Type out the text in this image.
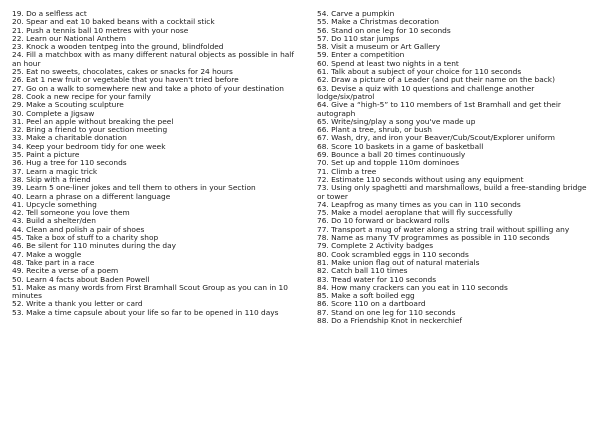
19. Do a selfless act
20. Spear and eat 10 baked beans with a cocktail stick
21. Push a tennis ball 10 metres with your nose
22. Learn our National Anthem
23. Knock a wooden tentpeg into the ground, blindfolded
24. Fill a matchbox with as many different natural objects as possible in half an hour
25. Eat no sweets, chocolates, cakes or snacks for 24 hours
26. Eat 1 new fruit or vegetable that you haven't tried before
27. Go on a walk to somewhere new and take a photo of your destination
28. Cook a new recipe for your family
29. Make a Scouting sculpture
30. Complete a Jigsaw
31. Peel an apple without breaking the peel
32. Bring a friend to your section meeting
33. Make a charitable donation
34. Keep your bedroom tidy for one week
35. Paint a picture
36. Hug a tree for 110 seconds
37. Learn a magic trick
38. Skip with a friend
39. Learn 5 one-liner jokes and tell them to others in your Section
40. Learn a phrase on a different language
41. Upcycle something
42. Tell someone you love them
43. Build a shelter/den
44. Clean and polish a pair of shoes
45. Take a box of stuff to a charity shop
46. Be silent for 110 minutes during the day
47. Make a woggle
48. Take part in a race
49. Recite a verse of a poem
50. Learn 4 facts about Baden Powell
51. Make as many words from First Bramhall Scout Group as you can in 10 minutes
52. Write a thank you letter or card
53. Make a time capsule about your life so far to be opened in 110 days
54. Carve a pumpkin
55. Make a Christmas decoration
56. Stand on one leg for 10 seconds
57. Do 110 star jumps
58. Visit a museum or Art Gallery
59. Enter a competition
60. Spend at least two nights in a tent
61. Talk about a subject of your choice for 110 seconds
62. Draw a picture of a Leader (and put their name on the back)
63. Devise a quiz with 10 questions and challenge another lodge/six/patrol
64. Give a “high-5” to 110 members of 1st Bramhall and get their autograph
65. Write/sing/play a song you've made up
66. Plant a tree, shrub, or bush
67. Wash, dry, and iron your Beaver/Cub/Scout/Explorer uniform
68. Score 10 baskets in a game of basketball
69. Bounce a ball 20 times continuously
70. Set up and topple 110m dominoes
71. Climb a tree
72. Estimate 110 seconds without using any equipment
73. Using only spaghetti and marshmallows, build a free-standing bridge or tower
74. Leapfrog as many times as you can in 110 seconds
75. Make a model aeroplane that will fly successfully
76. Do 10 forward or backward rolls
77. Transport a mug of water along a string trail without spilling any
78. Name as many TV programmes as possible in 110 seconds
79. Complete 2 Activity badges
80. Cook scrambled eggs in 110 seconds
81. Make union flag out of natural materials
82. Catch ball 110 times
83. Tread water for 110 seconds
84. How many crackers can you eat in 110 seconds
85. Make a soft boiled egg
86. Score 110 on a dartboard
87. Stand on one leg for 110 seconds
88. Do a Friendship Knot in neckerchief
